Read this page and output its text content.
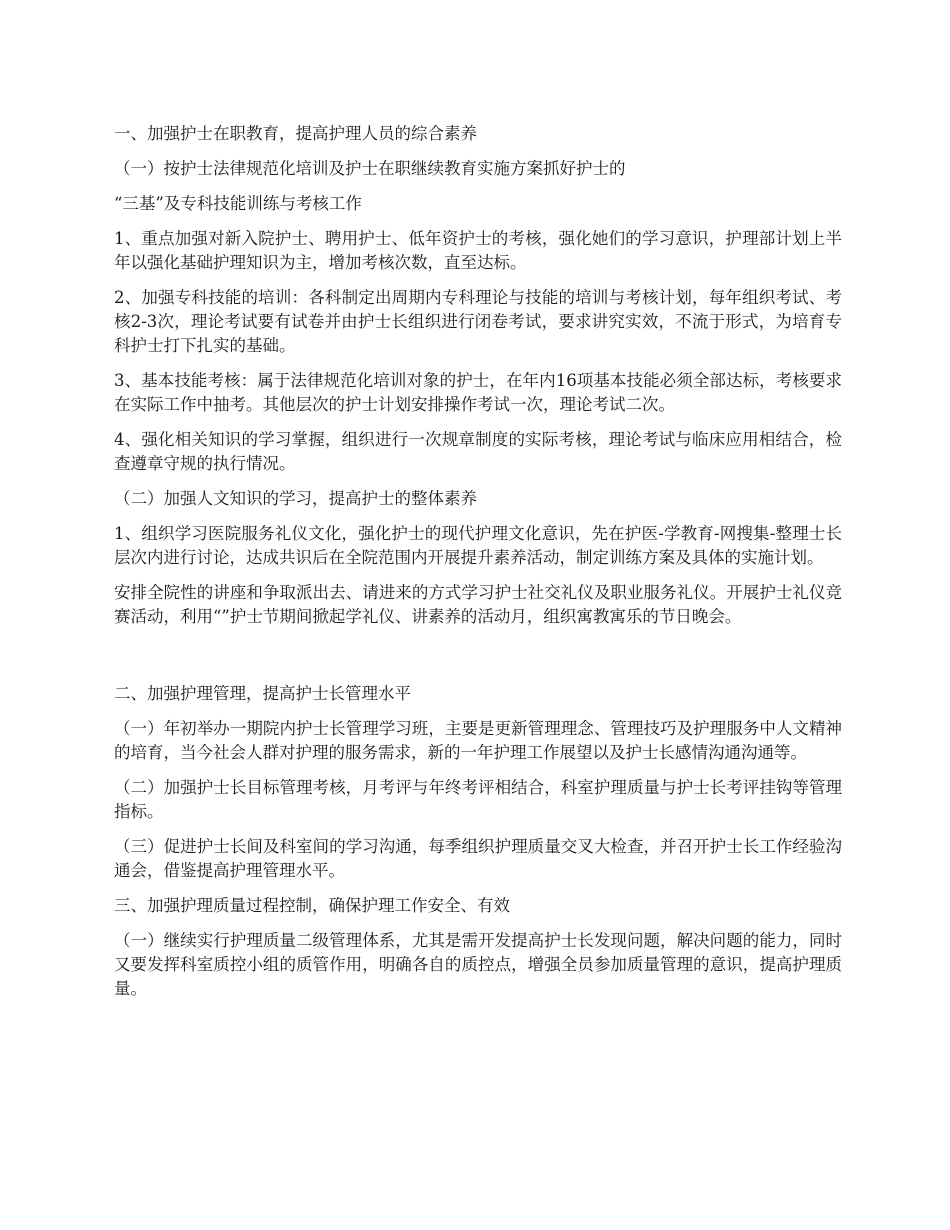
一、加强护士在职教育，提高护理人员的综合素养

（一）按护士法律规范化培训及护士在职继续教育实施方案抓好护士的

“三基”及专科技能训练与考核工作

1、重点加强对新入院护士、聘用护士、低年资护士的考核，强化她们的学习意识，护理部计划上半年以强化基础护理知识为主，增加考核次数，直至达标。

2、加强专科技能的培训：各科制定出周期内专科理论与技能的培训与考核计划，每年组织考试、考核2-3次，理论考试要有试卷并由护士长组织进行闭卷考试，要求讲究实效，不流于形式，为培育专科护士打下扎实的基础。

3、基本技能考核：属于法律规范化培训对象的护士，在年内16项基本技能必须全部达标，考核要求在实际工作中抽考。其他层次的护士计划安排操作考试一次，理论考试二次。

4、强化相关知识的学习掌握，组织进行一次规章制度的实际考核，理论考试与临床应用相结合，检查遵章守规的执行情况。

（二）加强人文知识的学习，提高护士的整体素养

1、组织学习医院服务礼仪文化，强化护士的现代护理文化意识，先在护医-学教育-网搜集-整理士长层次内进行讨论，达成共识后在全院范围内开展提升素养活动，制定训练方案及具体的实施计划。

安排全院性的讲座和争取派出去、请进来的方式学习护士社交礼仪及职业服务礼仪。开展护士礼仪竞赛活动，利用“”护士节期间掀起学礼仪、讲素养的活动月，组织寓教寓乐的节日晚会。

二、加强护理管理，提高护士长管理水平

（一）年初举办一期院内护士长管理学习班，主要是更新管理理念、管理技巧及护理服务中人文精神的培育，当今社会人群对护理的服务需求，新的一年护理工作展望以及护士长感情沟通沟通等。

（二）加强护士长目标管理考核，月考评与年终考评相结合，科室护理质量与护士长考评挂钩等管理指标。

（三）促进护士长间及科室间的学习沟通，每季组织护理质量交叉大检查，并召开护士长工作经验沟通会，借鉴提高护理管理水平。

三、加强护理质量过程控制，确保护理工作安全、有效

（一）继续实行护理质量二级管理体系，尤其是需开发提高护士长发现问题，解决问题的能力，同时又要发挥科室质控小组的质管作用，明确各自的质控点，增强全员参加质量管理的意识，提高护理质量。
